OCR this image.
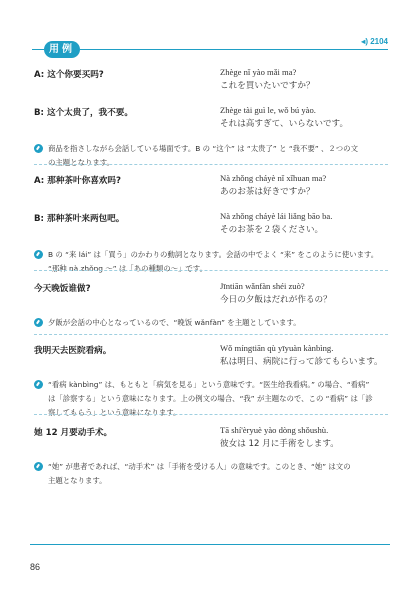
用例
◂) 2104
A: 这个你要买吗?	Zhège nǐ yào mǎi ma?
これを買いたいですか？
B: 这个太贵了，我不要。	Zhège tài guì le, wǒ bú yào.
それは高すぎて、いらないです。
商品を指さしながら会話している場面です。B の “这个” は “太贵了” と “我不要” 、２つの文
の主題となります。
A: 那种茶叶你喜欢吗?	Nà zhǒng cháyè nǐ xǐhuan ma?
あのお茶は好きですか？
B: 那种茶叶来两包吧。	Nà zhǒng cháyè lái liǎng bāo ba.
そのお茶を２袋ください。
B の “来 lái” は「買う」のかわりの動詞となります。会話の中でよく “来” をこのように使います。
“那种 nà zhǒng ～” は「あの種類の～」です。
今天晚饭谁做?	Jīntiān wǎnfàn shéi zuò?
今日の夕飯はだれが作るの？
夕飯が会話の中心となっているので、“晚饭 wǎnfàn” を主題としています。
我明天去医院看病。	Wǒ míngtiān qù yīyuàn kànbìng.
私は明日、病院に行って診てもらいます。
“看病 kànbìng” は、もともと「病気を見る」という意味です。“医生给我看病。” の場合、“看病”
は「診察する」という意味になります。上の例文の場合、“我” が主題なので、この “看病” は「診
察してもらう」という意味になります。
她 12 月要动手术。	Tā shí'èryuè yào dòng shǒushù.
彼女は 12 月に手術をします。
“她” が患者であれば、“动手术” は「手術を受ける人」の意味です。このとき、“她” は文の
主題となります。
86
